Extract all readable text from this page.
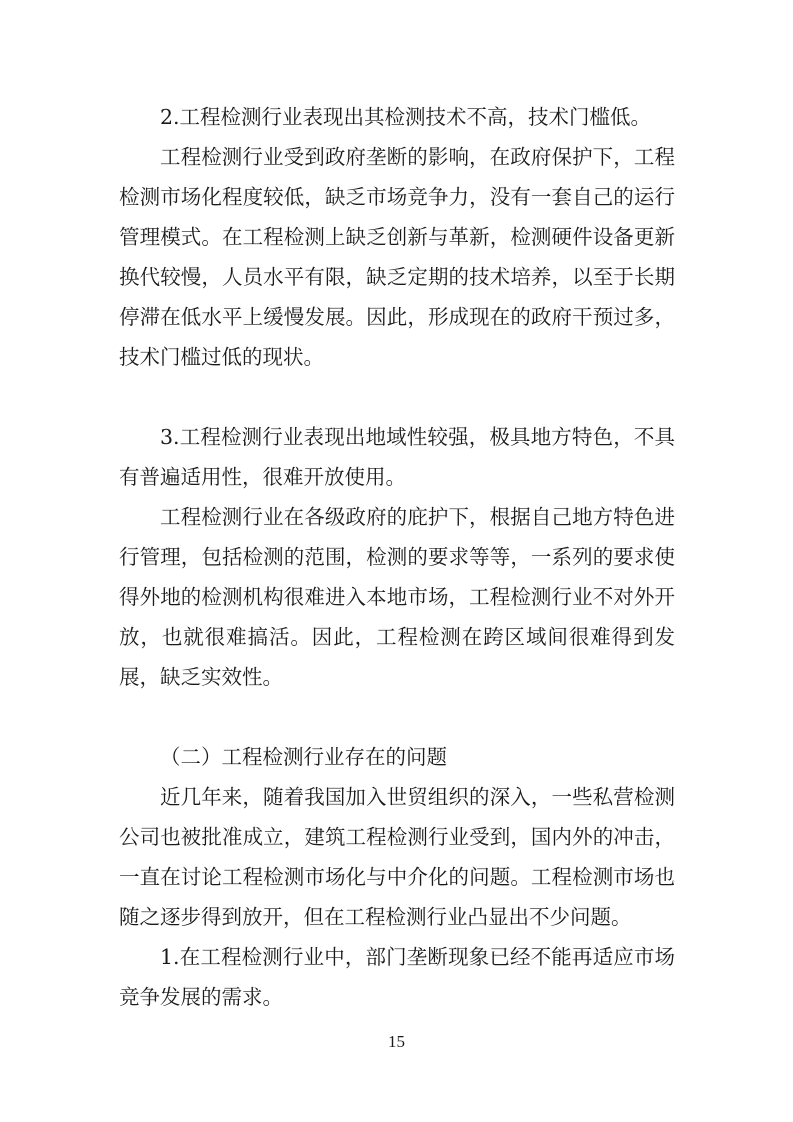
2.工程检测行业表现出其检测技术不高，技术门槛低。

工程检测行业受到政府垄断的影响，在政府保护下，工程检测市场化程度较低，缺乏市场竞争力，没有一套自己的运行管理模式。在工程检测上缺乏创新与革新，检测硬件设备更新换代较慢，人员水平有限，缺乏定期的技术培养，以至于长期停滞在低水平上缓慢发展。因此，形成现在的政府干预过多，技术门槛过低的现状。

3.工程检测行业表现出地域性较强，极具地方特色，不具有普遍适用性，很难开放使用。

工程检测行业在各级政府的庇护下，根据自己地方特色进行管理，包括检测的范围，检测的要求等等，一系列的要求使得外地的检测机构很难进入本地市场，工程检测行业不对外开放，也就很难搞活。因此，工程检测在跨区域间很难得到发展，缺乏实效性。

（二）工程检测行业存在的问题

近几年来，随着我国加入世贸组织的深入，一些私营检测公司也被批准成立，建筑工程检测行业受到，国内外的冲击，一直在讨论工程检测市场化与中介化的问题。工程检测市场也随之逐步得到放开，但在工程检测行业凸显出不少问题。

1.在工程检测行业中，部门垄断现象已经不能再适应市场竞争发展的需求。

15
